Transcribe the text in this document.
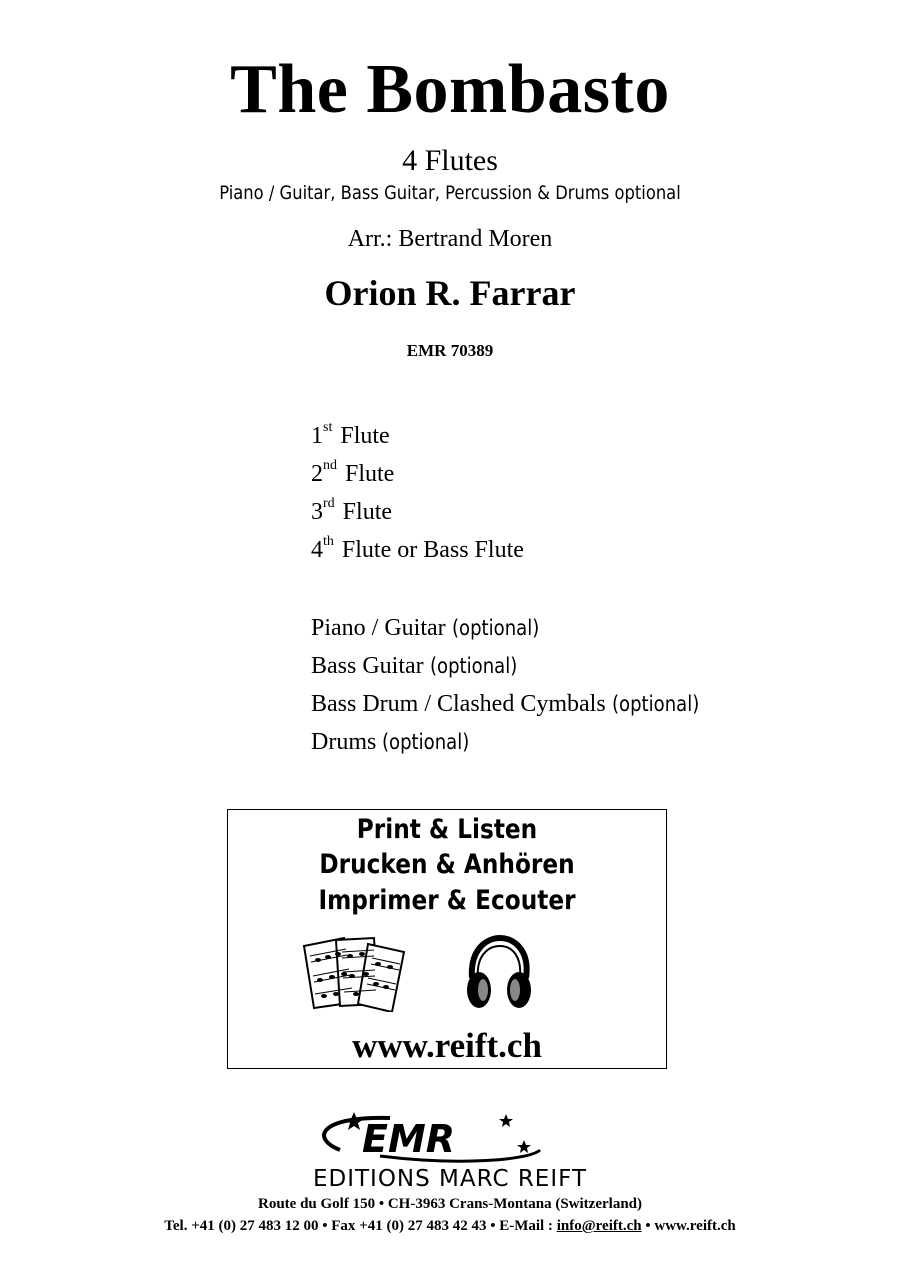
The Bombasto
4 Flutes
Piano / Guitar, Bass Guitar, Percussion & Drums optional
Arr.: Bertrand Moren
Orion R. Farrar
EMR 70389
1st Flute
2nd Flute
3rd Flute
4th Flute or Bass Flute
Piano / Guitar (optional)
Bass Guitar (optional)
Bass Drum / Clashed Cymbals (optional)
Drums (optional)
Print & Listen
Drucken & Anhören
Imprimer & Ecouter
www.reift.ch
EMR
EDITIONS MARC REIFT
Route du Golf 150 • CH-3963 Crans-Montana (Switzerland)
Tel. +41 (0) 27 483 12 00 • Fax +41 (0) 27 483 42 43 • E-Mail : info@reift.ch • www.reift.ch
